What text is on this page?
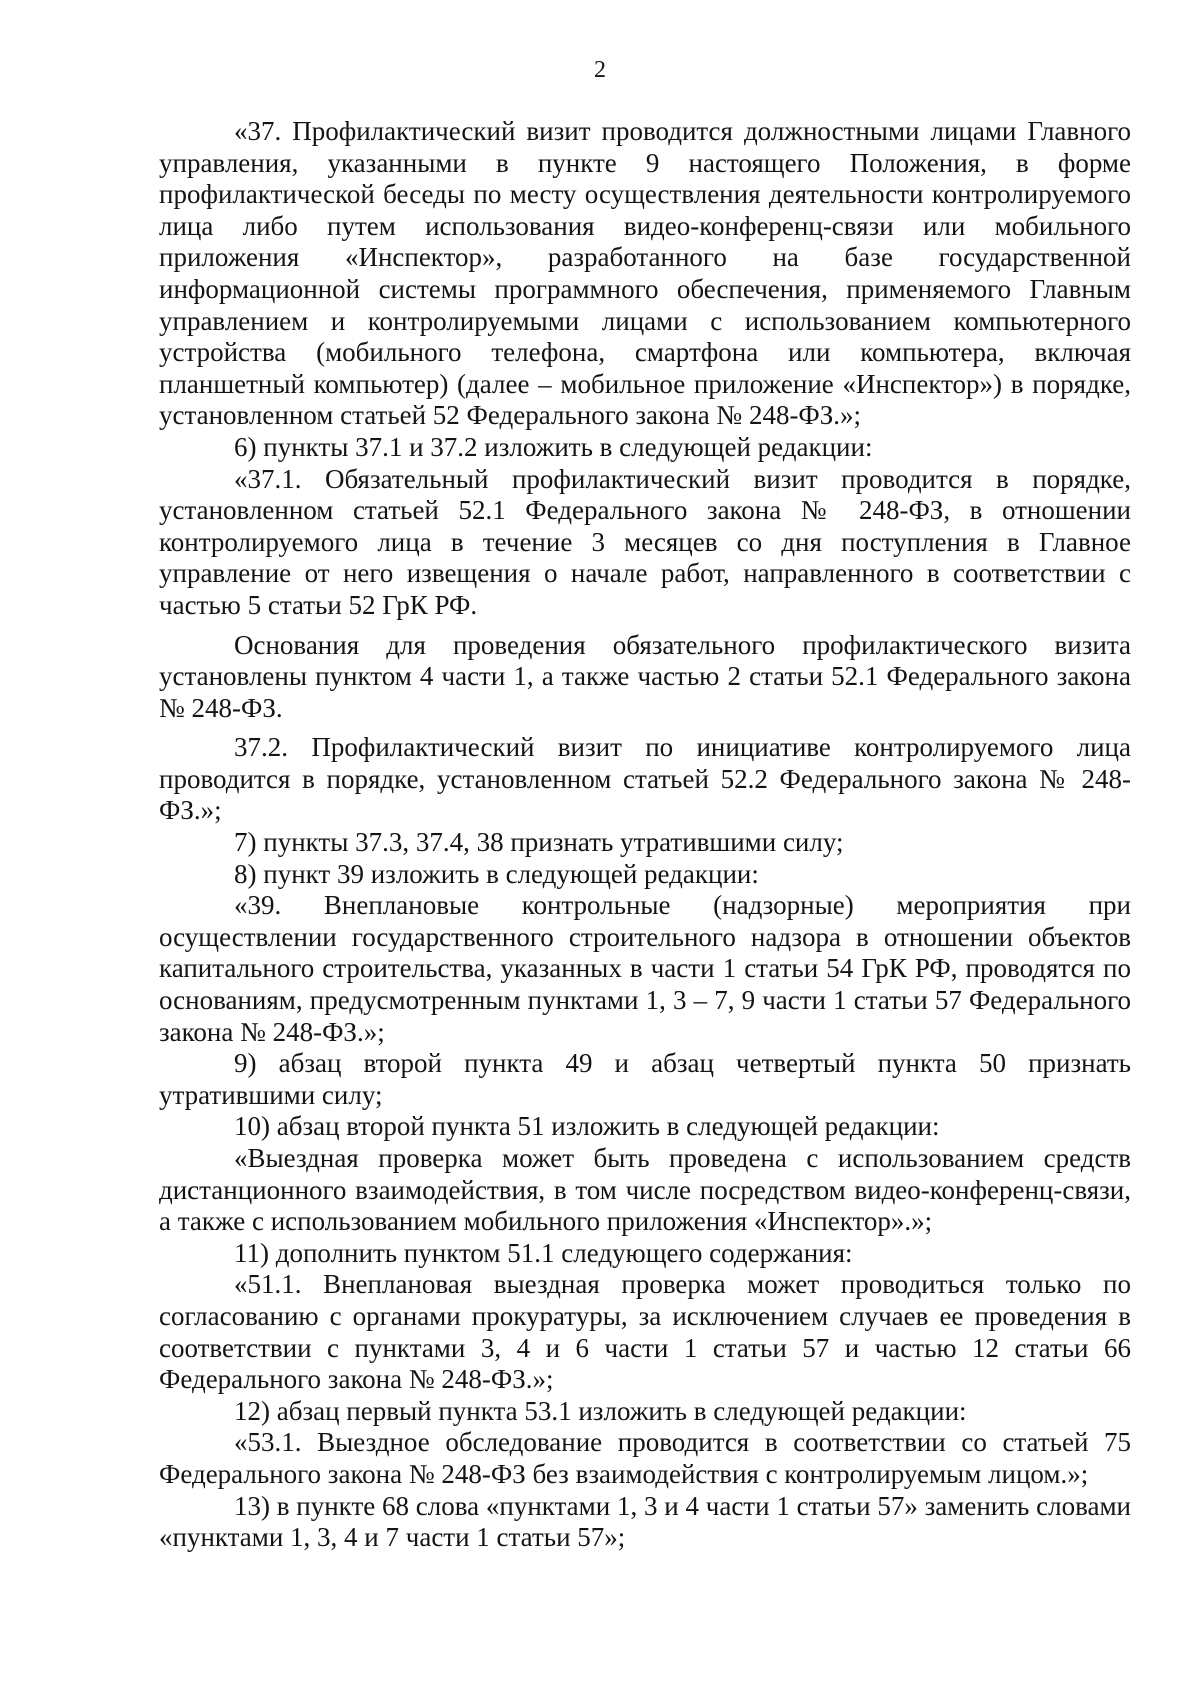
2

«37. Профилактический визит проводится должностными лицами Главного управления, указанными в пункте 9 настоящего Положения, в форме профилактической беседы по месту осуществления деятельности контролируемого лица либо путем использования видео-конференц-связи или мобильного приложения «Инспектор», разработанного на базе государственной информационной системы программного обеспечения, применяемого Главным управлением и контролируемыми лицами с использованием компьютерного устройства (мобильного телефона, смартфона или компьютера, включая планшетный компьютер) (далее – мобильное приложение «Инспектор») в порядке, установленном статьей 52 Федерального закона № 248-ФЗ.»;

6) пункты 37.1 и 37.2 изложить в следующей редакции:

«37.1. Обязательный профилактический визит проводится в порядке, установленном статьей 52.1 Федерального закона № 248-ФЗ, в отношении контролируемого лица в течение 3 месяцев со дня поступления в Главное управление от него извещения о начале работ, направленного в соответствии с частью 5 статьи 52 ГрК РФ.

Основания для проведения обязательного профилактического визита установлены пунктом 4 части 1, а также частью 2 статьи 52.1 Федерального закона № 248-ФЗ.

37.2. Профилактический визит по инициативе контролируемого лица проводится в порядке, установленном статьей 52.2 Федерального закона № 248-ФЗ.»;

7) пункты 37.3, 37.4, 38 признать утратившими силу;

8) пункт 39 изложить в следующей редакции:

«39. Внеплановые контрольные (надзорные) мероприятия при осуществлении государственного строительного надзора в отношении объектов капитального строительства, указанных в части 1 статьи 54 ГрК РФ, проводятся по основаниям, предусмотренным пунктами 1, 3 – 7, 9 части 1 статьи 57 Федерального закона № 248-ФЗ.»;

9) абзац второй пункта 49 и абзац четвертый пункта 50 признать утратившими силу;

10) абзац второй пункта 51 изложить в следующей редакции:

«Выездная проверка может быть проведена с использованием средств дистанционного взаимодействия, в том числе посредством видео-конференц-связи, а также с использованием мобильного приложения «Инспектор».»;

11) дополнить пунктом 51.1 следующего содержания:

«51.1. Внеплановая выездная проверка может проводиться только по согласованию с органами прокуратуры, за исключением случаев ее проведения в соответствии с пунктами 3, 4 и 6 части 1 статьи 57 и частью 12 статьи 66 Федерального закона № 248-ФЗ.»;

12) абзац первый пункта 53.1 изложить в следующей редакции:

«53.1. Выездное обследование проводится в соответствии со статьей 75 Федерального закона № 248-ФЗ без взаимодействия с контролируемым лицом.»;

13) в пункте 68 слова «пунктами 1, 3 и 4 части 1 статьи 57» заменить словами «пунктами 1, 3, 4 и 7 части 1 статьи 57»;
